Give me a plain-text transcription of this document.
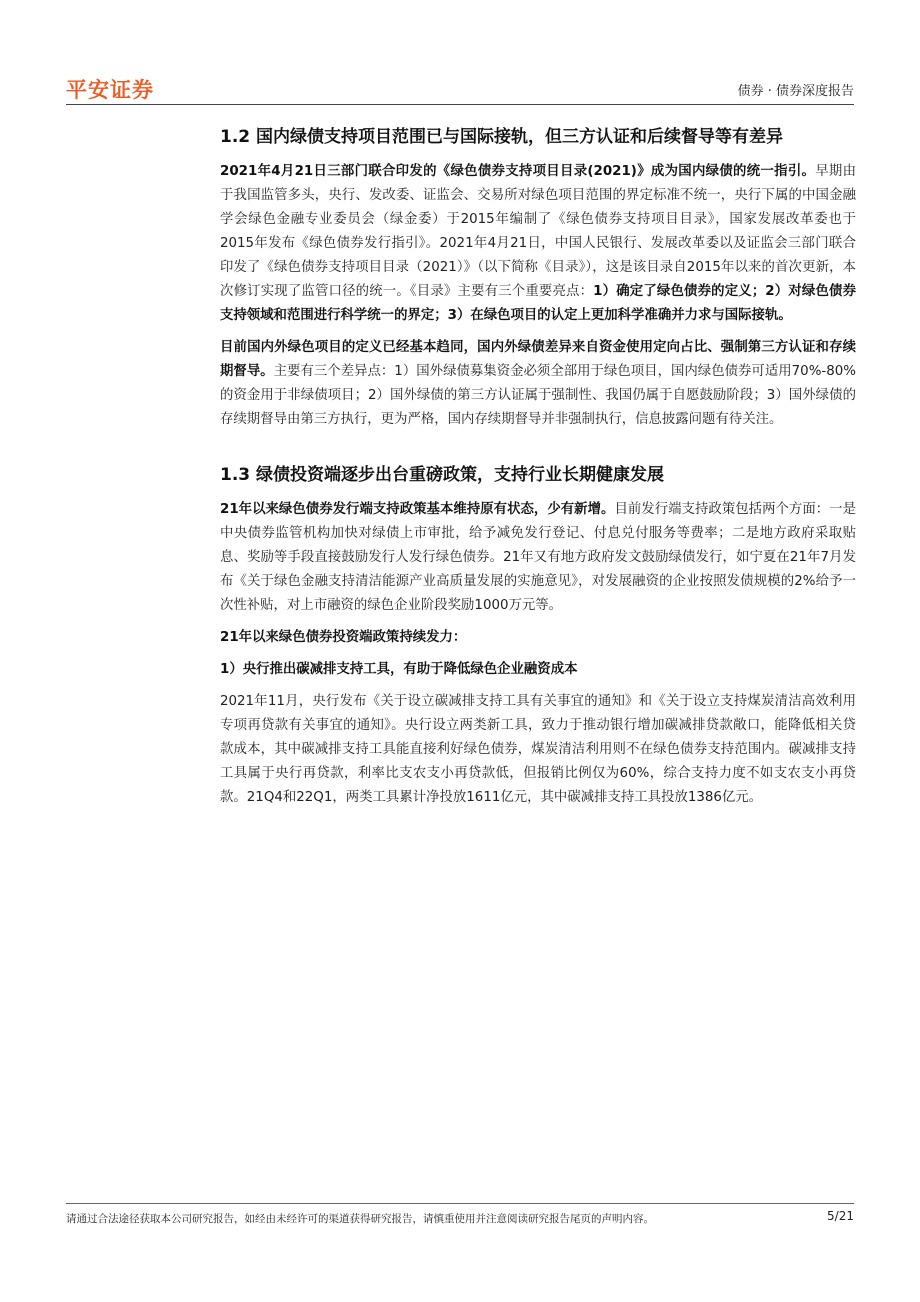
平安证券	债券 · 债券深度报告
1.2 国内绿债支持项目范围已与国际接轨，但三方认证和后续督导等有差异

2021年4月21日三部门联合印发的《绿色债券支持项目目录(2021)》成为国内绿债的统一指引。早期由于我国监管多头，央行、发改委、证监会、交易所对绿色项目范围的界定标准不统一，央行下属的中国金融学会绿色金融专业委员会（绿金委）于2015年编制了《绿色债券支持项目目录》，国家发展改革委也于2015年发布《绿色债券发行指引》。2021年4月21日，中国人民银行、发展改革委以及证监会三部门联合印发了《绿色债券支持项目目录（2021）》（以下简称《目录》），这是该目录自2015年以来的首次更新，本次修订实现了监管口径的统一。《目录》主要有三个重要亮点：1）确定了绿色债券的定义；2）对绿色债券支持领域和范围进行科学统一的界定；3）在绿色项目的认定上更加科学准确并力求与国际接轨。

目前国内外绿色项目的定义已经基本趋同，国内外绿债差异来自资金使用定向占比、强制第三方认证和存续期督导。主要有三个差异点：1）国外绿债募集资金必须全部用于绿色项目，国内绿色债券可适用70%-80%的资金用于非绿债项目；2）国外绿债的第三方认证属于强制性、我国仍属于自愿鼓励阶段；3）国外绿债的存续期督导由第三方执行，更为严格，国内存续期督导并非强制执行，信息披露问题有待关注。

1.3 绿债投资端逐步出台重磅政策，支持行业长期健康发展

21年以来绿色债券发行端支持政策基本维持原有状态，少有新增。目前发行端支持政策包括两个方面：一是中央债券监管机构加快对绿债上市审批，给予减免发行登记、付息兑付服务等费率；二是地方政府采取贴息、奖励等手段直接鼓励发行人发行绿色债券。21年又有地方政府发文鼓励绿债发行，如宁夏在21年7月发布《关于绿色金融支持清洁能源产业高质量发展的实施意见》，对发展融资的企业按照发债规模的2%给予一次性补贴，对上市融资的绿色企业阶段奖励1000万元等。

21年以来绿色债券投资端政策持续发力：

1）央行推出碳减排支持工具，有助于降低绿色企业融资成本

2021年11月，央行发布《关于设立碳减排支持工具有关事宜的通知》和《关于设立支持煤炭清洁高效利用专项再贷款有关事宜的通知》。央行设立两类新工具，致力于推动银行增加碳减排贷款敞口，能降低相关贷款成本，其中碳减排支持工具能直接利好绿色债券，煤炭清洁利用则不在绿色债券支持范围内。碳减排支持工具属于央行再贷款，利率比支农支小再贷款低，但报销比例仅为60%，综合支持力度不如支农支小再贷款。21Q4和22Q1，两类工具累计净投放1611亿元，其中碳减排支持工具投放1386亿元。

请通过合法途径获取本公司研究报告，如经由未经许可的渠道获得研究报告，请慎重使用并注意阅读研究报告尾页的声明内容。	5/21
